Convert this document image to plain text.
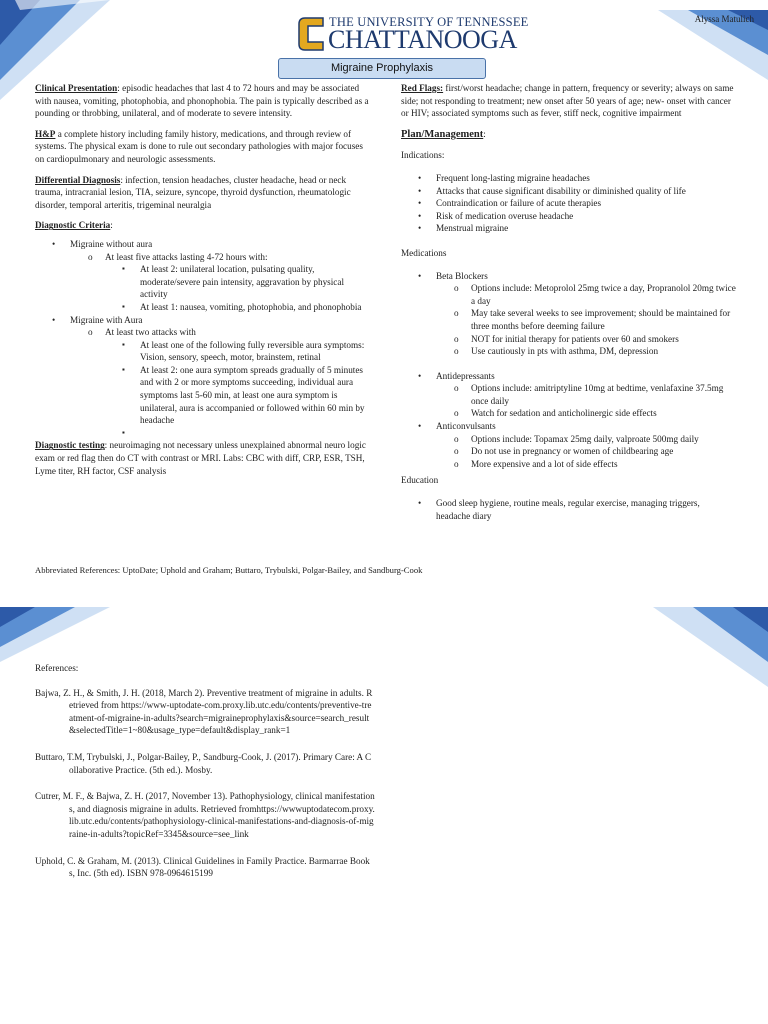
Alyssa Matulich
THE UNIVERSITY OF TENNESSEE
CHATTANOOGA
Migraine Prophylaxis

Clinical Presentation: episodic headaches that last 4 to 72 hours and may be associated with nausea, vomiting, photophobia, and phonophobia. The pain is typically described as a pounding or throbbing, unilateral, and of moderate to severe intensity.

H&P a complete history including family history, medications, and through review of systems. The physical exam is done to rule out secondary pathologies with major focuses on cardiopulmonary and neurologic assessments.

Differential Diagnosis: infection, tension headaches, cluster headache, head or neck trauma, intracranial lesion, TIA, seizure, syncope, thyroid dysfunction, rheumatologic disorder, temporal arteritis, trigeminal neuralgia

Diagnostic Criteria:

• Migraine without aura
o At least five attacks lasting 4-72 hours with:
▪ At least 2: unilateral location, pulsating quality, moderate/severe pain intensity, aggravation by physical activity
▪ At least 1: nausea, vomiting, photophobia, and phonophobia
• Migraine with Aura
o At least two attacks with
▪ At least one of the following fully reversible aura symptoms: Vision, sensory, speech, motor, brainstem, retinal
▪ At least 2: one aura symptom spreads gradually of 5 minutes and with 2 or more symptoms succeeding, individual aura symptoms last 5-60 min, at least one aura symptom is unilateral, aura is accompanied or followed within 60 min by headache
▪

Diagnostic testing: neuroimaging not necessary unless unexplained abnormal neuro logic exam or red flag then do CT with contrast or MRI. Labs: CBC with diff, CRP, ESR, TSH, Lyme titer, RH factor, CSF analysis

Red Flags: first/worst headache; change in pattern, frequency or severity; always on same side; not responding to treatment; new onset after 50 years of age; new- onset with cancer or HIV; associated symptoms such as fever, stiff neck, cognitive impairment

Plan/Management:

Indications:

• Frequent long-lasting migraine headaches
• Attacks that cause significant disability or diminished quality of life
• Contraindication or failure of acute therapies
• Risk of medication overuse headache
• Menstrual migraine

Medications

• Beta Blockers
o Options include: Metoprolol 25mg twice a day, Propranolol 20mg twice a day
o May take several weeks to see improvement; should be maintained for three months before deeming failure
o NOT for initial therapy for patients over 60 and smokers
o Use cautiously in pts with asthma, DM, depression
• Antidepressants
o Options include: amitriptyline 10mg at bedtime, venlafaxine 37.5mg once daily
o Watch for sedation and anticholinergic side effects
• Anticonvulsants
o Options include: Topamax 25mg daily, valproate 500mg daily
o Do not use in pregnancy or women of childbearing age
o More expensive and a lot of side effects

Education

• Good sleep hygiene, routine meals, regular exercise, managing triggers, headache diary
Abbreviated References: UptoDate; Uphold and Graham; Buttaro, Trybulski, Polgar-Bailey, and Sandburg-Cook
References:
Bajwa, Z. H., & Smith, J. H. (2018, March 2). Preventive treatment of migraine in adults. Retrieved from https://www-uptodate-com.proxy.lib.utc.edu/contents/preventive-treatment-of-migraine-in-adults?search=migraineprophylaxis&source=search_result&selectedTitle=1~80&usage_type=default&display_rank=1
Buttaro, T.M, Trybulski, J., Polgar-Bailey, P., Sandburg-Cook, J. (2017). Primary Care: A Collaborative Practice. (5th ed.). Mosby.
Cutrer, M. F., & Bajwa, Z. H. (2017, November 13). Pathophysiology, clinical manifestations, and diagnosis migraine in adults. Retrieved fromhttps://wwwuptodatecom.proxy.lib.utc.edu/contents/pathophysiology-clinical-manifestations-and-diagnosis-of-migraine-in-adults?topicRef=3345&source=see_link
Uphold, C. & Graham, M. (2013). Clinical Guidelines in Family Practice. Barmarrae Books, Inc. (5th ed). ISBN 978-0964615199
